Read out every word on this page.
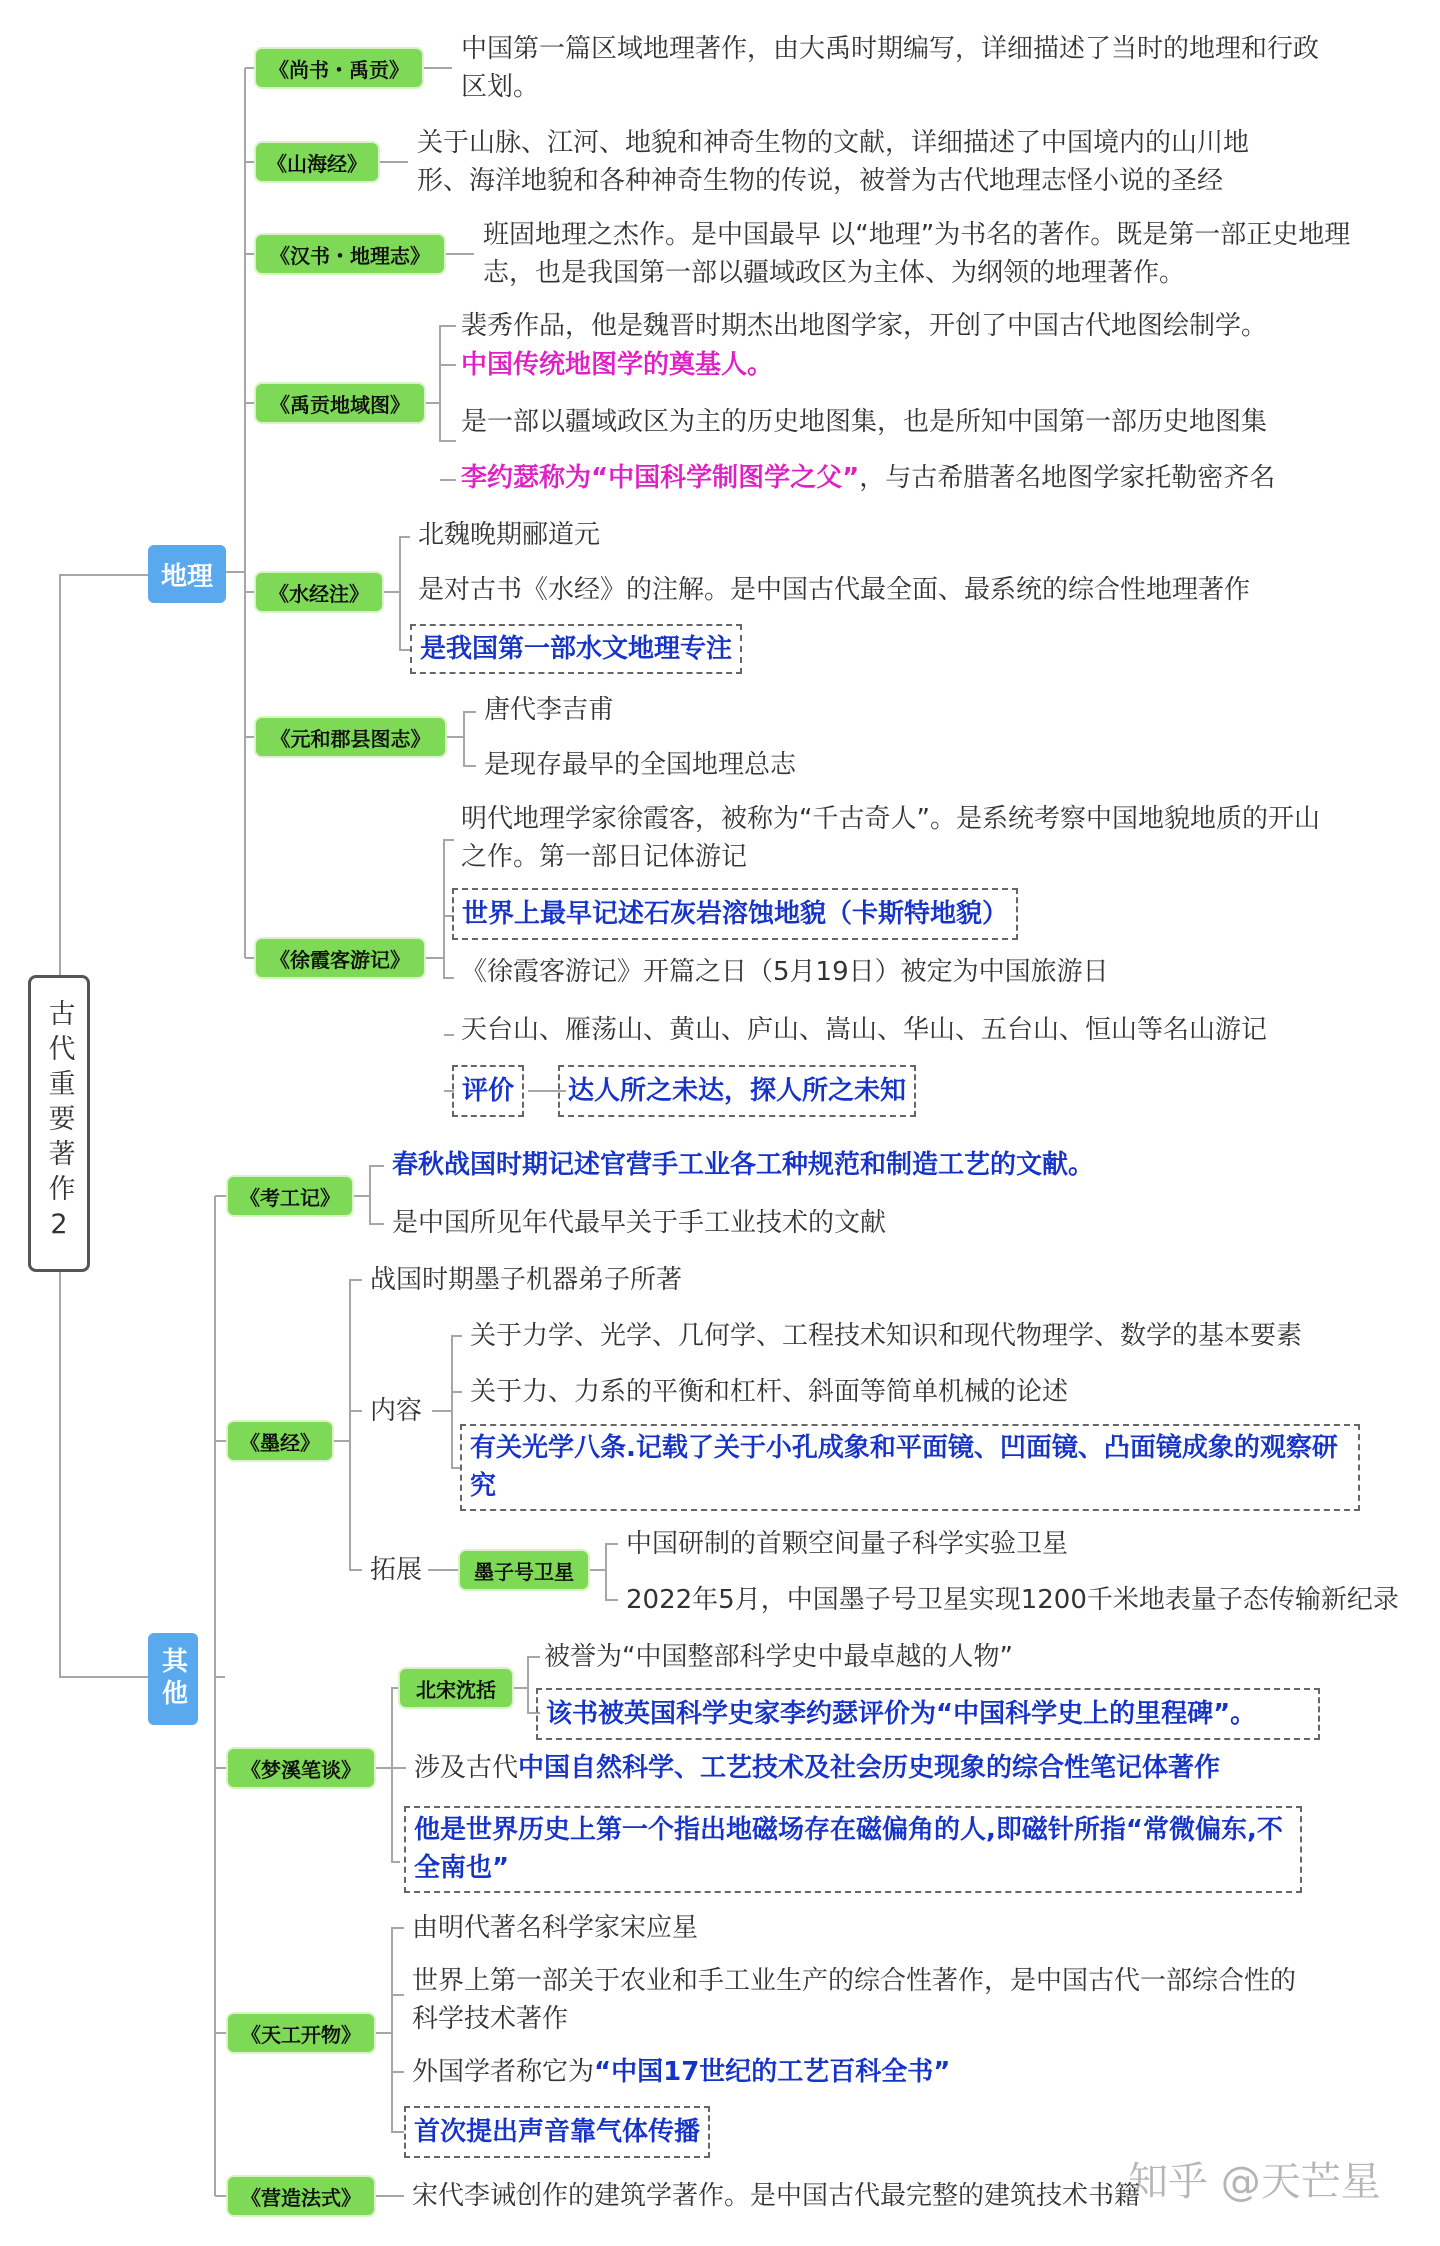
古代重要著作2
地理
其他
《尚书・禹贡》
中国第一篇区域地理著作，由大禹时期编写，详细描述了当时的地理和行政区划。
《山海经》
关于山脉、江河、地貌和神奇生物的文献，详细描述了中国境内的山川地形、海洋地貌和各种神奇生物的传说，被誉为古代地理志怪小说的圣经
《汉书・地理志》
班固地理之杰作。是中国最早 以“地理”为书名的著作。既是第一部正史地理志，也是我国第一部以疆域政区为主体、为纲领的地理著作。
《禹贡地域图》
裴秀作品，他是魏晋时期杰出地图学家，开创了中国古代地图绘制学。
中国传统地图学的奠基人。
是一部以疆域政区为主的历史地图集，也是所知中国第一部历史地图集
李约瑟称为“中国科学制图学之父”，与古希腊著名地图学家托勒密齐名
《水经注》
北魏晚期郦道元
是对古书《水经》的注解。是中国古代最全面、最系统的综合性地理著作
是我国第一部水文地理专注
《元和郡县图志》
唐代李吉甫
是现存最早的全国地理总志
《徐霞客游记》
明代地理学家徐霞客，被称为“千古奇人”。是系统考察中国地貌地质的开山之作。第一部日记体游记
世界上最早记述石灰岩溶蚀地貌（卡斯特地貌）
《徐霞客游记》开篇之日（5月19日）被定为中国旅游日
天台山、雁荡山、黄山、庐山、嵩山、华山、五台山、恒山等名山游记
评价	达人所之未达，探人所之未知
《考工记》
春秋战国时期记述官营手工业各工种规范和制造工艺的文献。
是中国所见年代最早关于手工业技术的文献
《墨经》
战国时期墨子机器弟子所著
内容
关于力学、光学、几何学、工程技术知识和现代物理学、数学的基本要素
关于力、力系的平衡和杠杆、斜面等简单机械的论述
有关光学八条.记载了关于小孔成象和平面镜、凹面镜、凸面镜成象的观察研究
拓展	墨子号卫星
中国研制的首颗空间量子科学实验卫星
2022年5月，中国墨子号卫星实现1200千米地表量子态传输新纪录
《梦溪笔谈》
北宋沈括
被誉为“中国整部科学史中最卓越的人物”
该书被英国科学史家李约瑟评价为“中国科学史上的里程碑”。
涉及古代中国自然科学、工艺技术及社会历史现象的综合性笔记体著作
他是世界历史上第一个指出地磁场存在磁偏角的人,即磁针所指“常微偏东,不全南也”
《天工开物》
由明代著名科学家宋应星
世界上第一部关于农业和手工业生产的综合性著作，是中国古代一部综合性的科学技术著作
外国学者称它为“中国17世纪的工艺百科全书”
首次提出声音靠气体传播
《营造法式》	宋代李诫创作的建筑学著作。是中国古代最完整的建筑技术书籍
知乎 @天芒星
